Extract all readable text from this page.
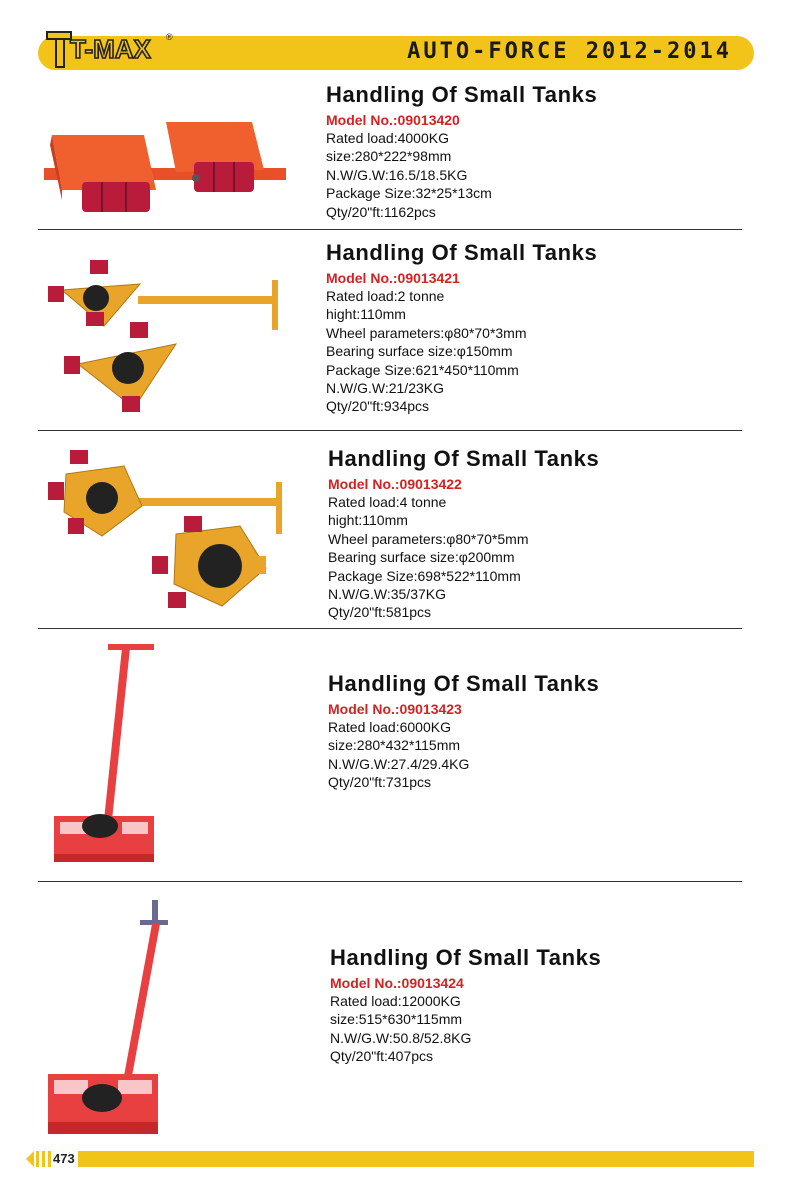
AUTO-FORCE 2012-2014
T-MAX ®
Handling Of Small Tanks
Model No.:09013420
Rated load:4000KG
size:280*222*98mm
N.W/G.W:16.5/18.5KG
Package Size:32*25*13cm
Qty/20"ft:1162pcs
Handling Of Small Tanks
Model No.:09013421
Rated load:2 tonne
hight:110mm
Wheel parameters:φ80*70*3mm
Bearing surface size:φ150mm
Package Size:621*450*110mm
N.W/G.W:21/23KG
Qty/20"ft:934pcs
Handling Of Small Tanks
Model No.:09013422
Rated load:4 tonne
hight:110mm
Wheel parameters:φ80*70*5mm
Bearing surface size:φ200mm
Package Size:698*522*110mm
N.W/G.W:35/37KG
Qty/20"ft:581pcs
Handling Of Small Tanks
Model No.:09013423
Rated load:6000KG
size:280*432*115mm
N.W/G.W:27.4/29.4KG
Qty/20"ft:731pcs
Handling Of Small Tanks
Model No.:09013424
Rated load:12000KG
size:515*630*115mm
N.W/G.W:50.8/52.8KG
Qty/20"ft:407pcs
473
